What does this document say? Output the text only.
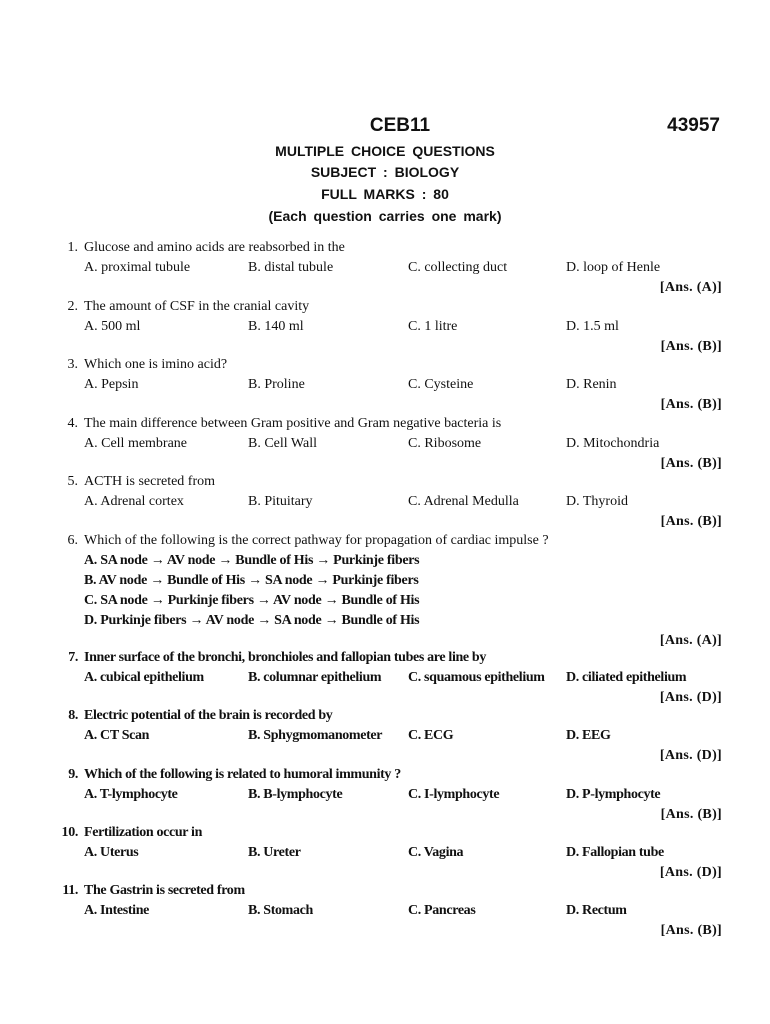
CEB11	43957
MULTIPLE CHOICE QUESTIONS
SUBJECT : BIOLOGY
FULL MARKS : 80
(Each question carries one mark)
1. Glucose and amino acids are reabsorbed in the
A. proximal tubule	B. distal tubule	C. collecting duct	D. loop of Henle
[Ans. (A)]
2. The amount of CSF in the cranial cavity
A. 500 ml	B. 140 ml	C. 1 litre	D. 1.5 ml
[Ans. (B)]
3. Which one is imino acid?
A. Pepsin	B. Proline	C. Cysteine	D. Renin
[Ans. (B)]
4. The main difference between Gram positive and Gram negative bacteria is
A. Cell membrane	B. Cell Wall	C. Ribosome	D. Mitochondria
[Ans. (B)]
5. ACTH is secreted from
A. Adrenal cortex	B. Pituitary	C. Adrenal Medulla	D. Thyroid
[Ans. (B)]
6. Which of the following is the correct pathway for propagation of cardiac impulse ?
A. SA node → AV node → Bundle of His → Purkinje fibers
B. AV node → Bundle of His → SA node → Purkinje fibers
C. SA node → Purkinje fibers → AV node → Bundle of His
D. Purkinje fibers → AV node → SA node → Bundle of His
[Ans. (A)]
7. Inner surface of the bronchi, bronchioles and fallopian tubes are line by
A. cubical epithelium	B. columnar epithelium C. squamous epithelium D. ciliated epithelium
[Ans. (D)]
8. Electric potential of the brain is recorded by
A. CT Scan	B. Sphygmomanometer C. ECG	D. EEG
[Ans. (D)]
9. Which of the following is related to humoral immunity ?
A. T-lymphocyte	B. B-lymphocyte	C. I-lymphocyte	D. P-lymphocyte
[Ans. (B)]
10. Fertilization occur in
A. Uterus	B. Ureter	C. Vagina	D. Fallopian tube
[Ans. (D)]
11. The Gastrin is secreted from
A. Intestine	B. Stomach	C. Pancreas	D. Rectum
[Ans. (B)]
